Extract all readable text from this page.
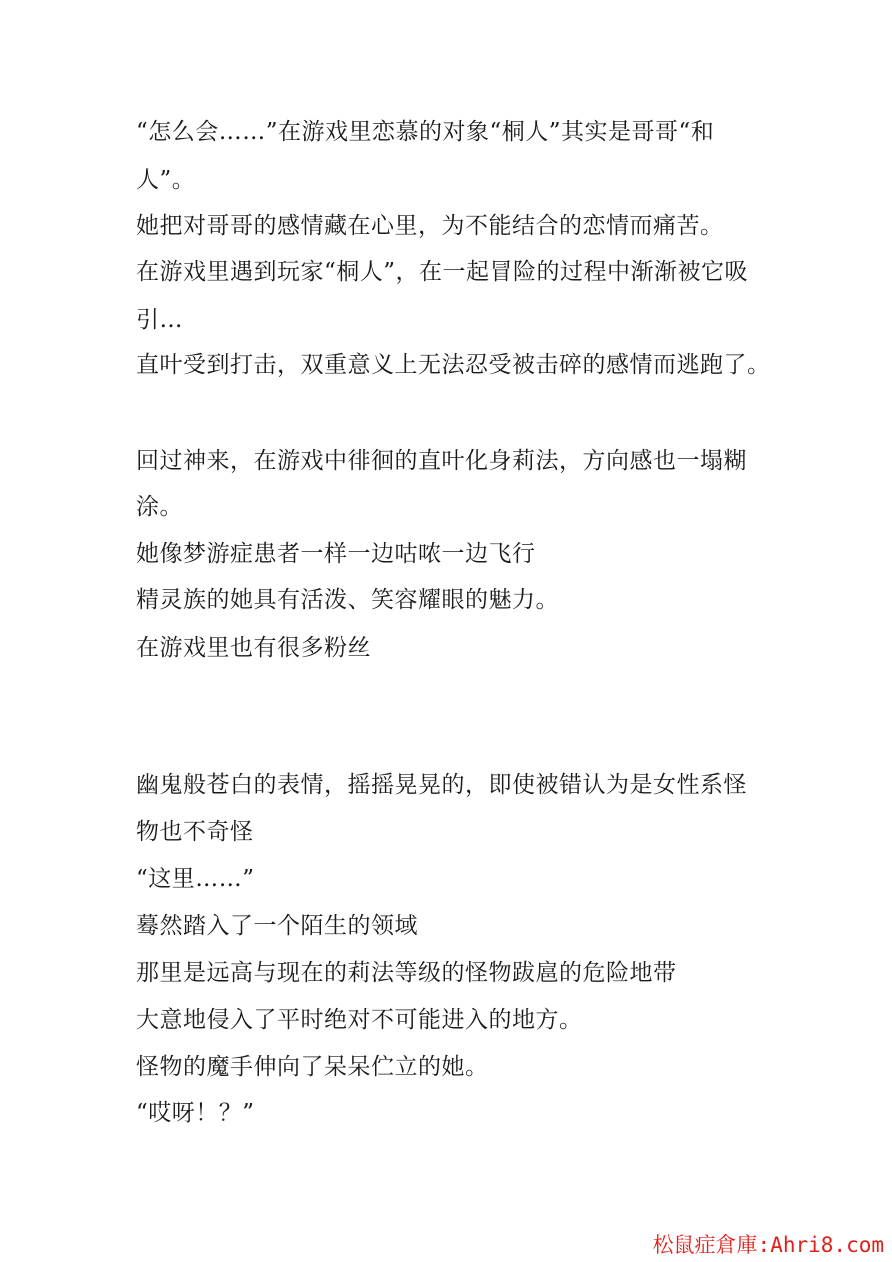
“怎么会……”在游戏里恋慕的对象“桐人”其实是哥哥“和
人”。
她把对哥哥的感情藏在心里，为不能结合的恋情而痛苦。
在游戏里遇到玩家“桐人”，在一起冒险的过程中渐渐被它吸
引…
直叶受到打击，双重意义上无法忍受被击碎的感情而逃跑了。
回过神来，在游戏中徘徊的直叶化身莉法，方向感也一塌糊
涂。
她像梦游症患者一样一边咕哝一边飞行
精灵族的她具有活泼、笑容耀眼的魅力。
在游戏里也有很多粉丝
幽鬼般苍白的表情，摇摇晃晃的，即使被错认为是女性系怪
物也不奇怪
“这里……”
蓦然踏入了一个陌生的领域
那里是远高与现在的莉法等级的怪物跋扈的危险地带
大意地侵入了平时绝对不可能进入的地方。
怪物的魔手伸向了呆呆伫立的她。
“哎呀！？”
松鼠症倉庫:Ahri8.com
